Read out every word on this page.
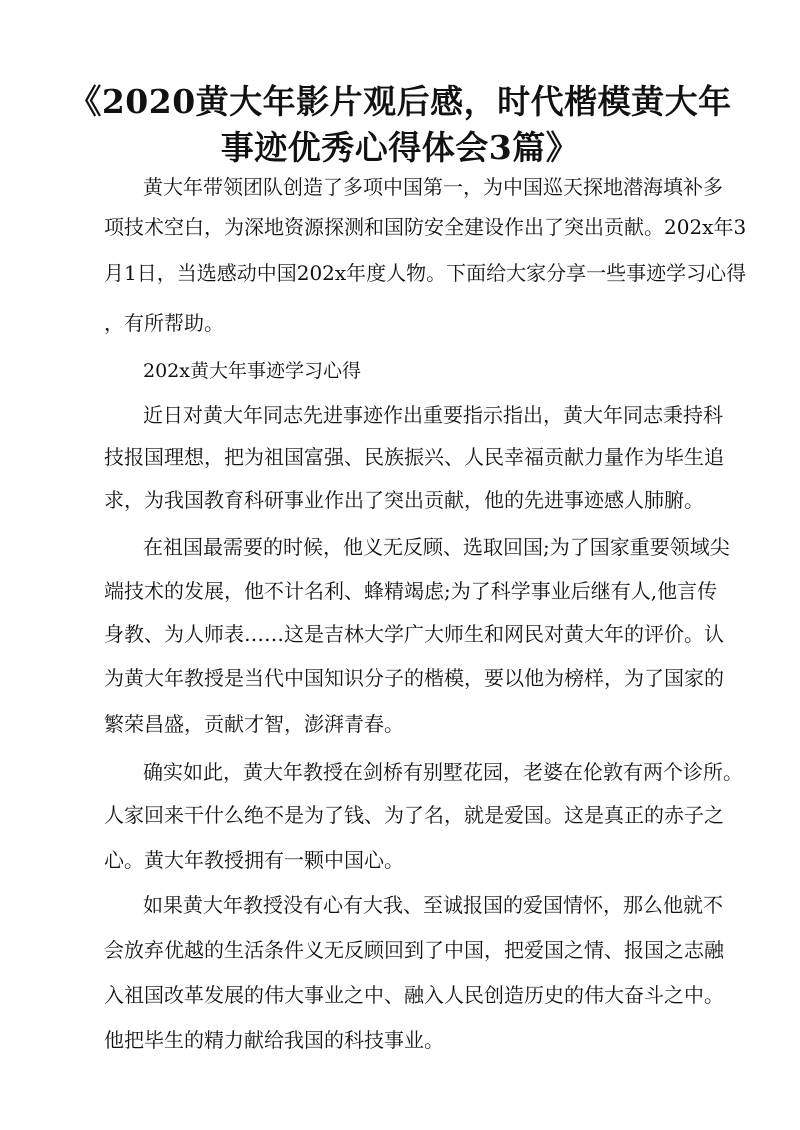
《2020黄大年影片观后感，时代楷模黄大年
事迹优秀心得体会3篇》
黄大年带领团队创造了多项中国第一，为中国巡天探地潜海填补多
项技术空白，为深地资源探测和国防安全建设作出了突出贡献。202x年3
月1日，当选感动中国202x年度人物。下面给大家分享一些事迹学习心得
，有所帮助。
202x黄大年事迹学习心得
近日对黄大年同志先进事迹作出重要指示指出，黄大年同志秉持科
技报国理想，把为祖国富强、民族振兴、人民幸福贡献力量作为毕生追
求，为我国教育科研事业作出了突出贡献，他的先进事迹感人肺腑。
在祖国最需要的时候，他义无反顾、选取回国;为了国家重要领域尖
端技术的发展，他不计名利、蜂精竭虑;为了科学事业后继有人,他言传
身教、为人师表……这是吉林大学广大师生和网民对黄大年的评价。认
为黄大年教授是当代中国知识分子的楷模，要以他为榜样，为了国家的
繁荣昌盛，贡献才智，澎湃青春。
确实如此，黄大年教授在剑桥有别墅花园，老婆在伦敦有两个诊所。
人家回来干什么绝不是为了钱、为了名，就是爱国。这是真正的赤子之
心。黄大年教授拥有一颗中国心。
如果黄大年教授没有心有大我、至诚报国的爱国情怀，那么他就不
会放弃优越的生活条件义无反顾回到了中国，把爱国之情、报国之志融
入祖国改革发展的伟大事业之中、融入人民创造历史的伟大奋斗之中。
他把毕生的精力献给我国的科技事业。
